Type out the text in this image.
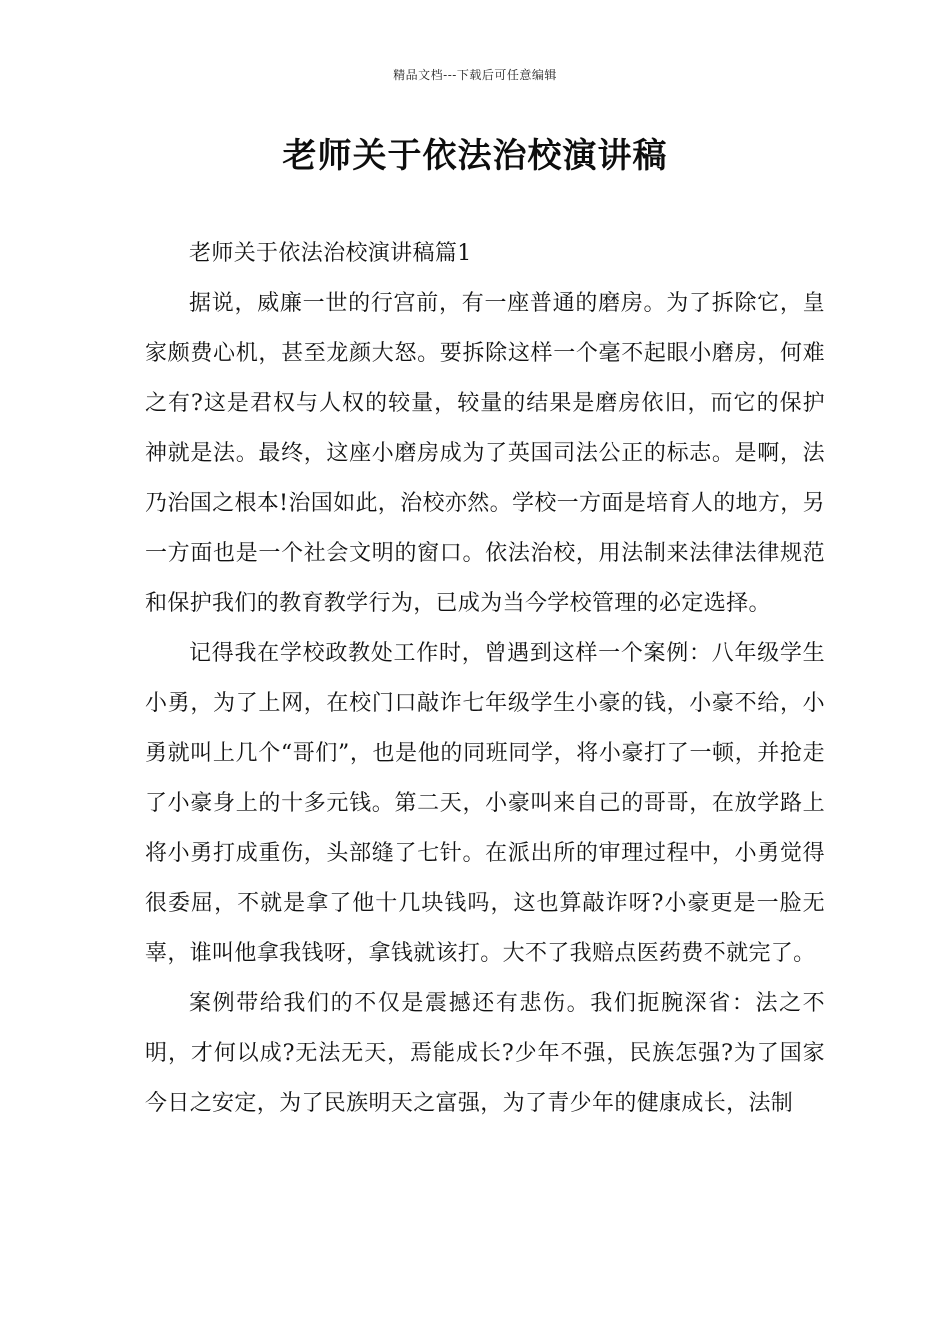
精品文档---下载后可任意编辑
老师关于依法治校演讲稿

老师关于依法治校演讲稿篇1

据说，威廉一世的行宫前，有一座普通的磨房。为了拆除它，皇家颇费心机，甚至龙颜大怒。要拆除这样一个毫不起眼小磨房，何难之有?这是君权与人权的较量，较量的结果是磨房依旧，而它的保护神就是法。最终，这座小磨房成为了英国司法公正的标志。是啊，法乃治国之根本!治国如此，治校亦然。学校一方面是培育人的地方，另一方面也是一个社会文明的窗口。依法治校，用法制来法律法律规范和保护我们的教育教学行为，已成为当今学校管理的必定选择。

记得我在学校政教处工作时，曾遇到这样一个案例：八年级学生小勇，为了上网，在校门口敲诈七年级学生小豪的钱，小豪不给，小勇就叫上几个“哥们”，也是他的同班同学，将小豪打了一顿，并抢走了小豪身上的十多元钱。第二天，小豪叫来自己的哥哥，在放学路上将小勇打成重伤，头部缝了七针。在派出所的审理过程中，小勇觉得很委屈，不就是拿了他十几块钱吗，这也算敲诈呀?小豪更是一脸无辜，谁叫他拿我钱呀，拿钱就该打。大不了我赔点医药费不就完了。

案例带给我们的不仅是震撼还有悲伤。我们扼腕深省：法之不明，才何以成?无法无天，焉能成长?少年不强，民族怎强?为了国家今日之安定，为了民族明天之富强，为了青少年的健康成长，法制
